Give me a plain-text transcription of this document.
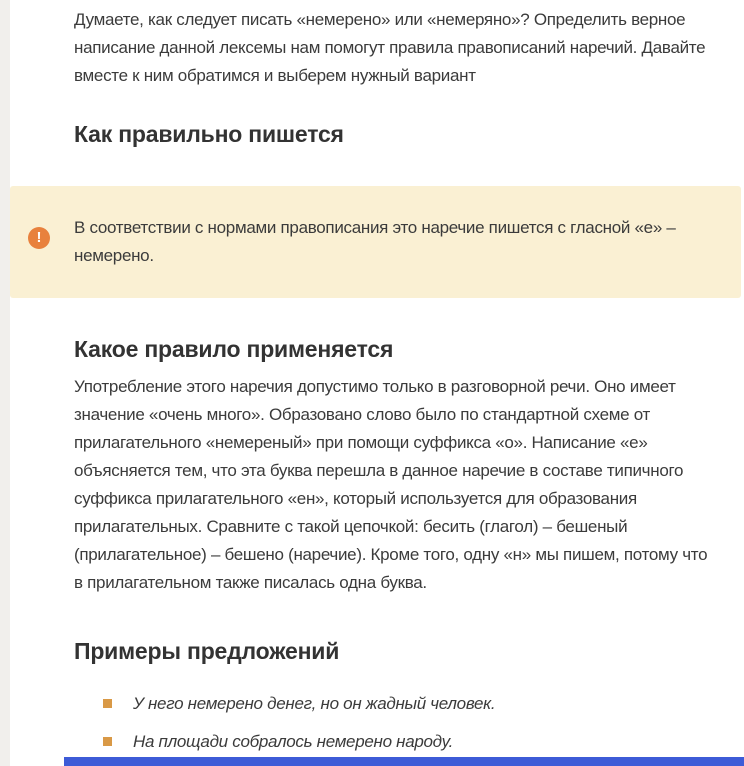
Думаете, как следует писать «немерено» или «немеряно»? Определить верное написание данной лексемы нам помогут правила правописаний наречий. Давайте вместе к ним обратимся и выберем нужный вариант

Как правильно пишется
!

В соответствии с нормами правописания это наречие пишется с гласной «е» – немерено.

Какое правило применяется

Употребление этого наречия допустимо только в разговорной речи. Оно имеет значение «очень много». Образовано слово было по стандартной схеме от прилагательного «немереный» при помощи суффикса «о». Написание «е» объясняется тем, что эта буква перешла в данное наречие в составе типичного суффикса прилагательного «ен», который используется для образования прилагательных. Сравните с такой цепочкой: бесить (глагол) – бешеный (прилагательное) – бешено (наречие). Кроме того, одну «н» мы пишем, потому что в прилагательном также писалась одна буква.

Примеры предложений
У него немерено денег, но он жадный человек.
На площади собралось немерено народу.
